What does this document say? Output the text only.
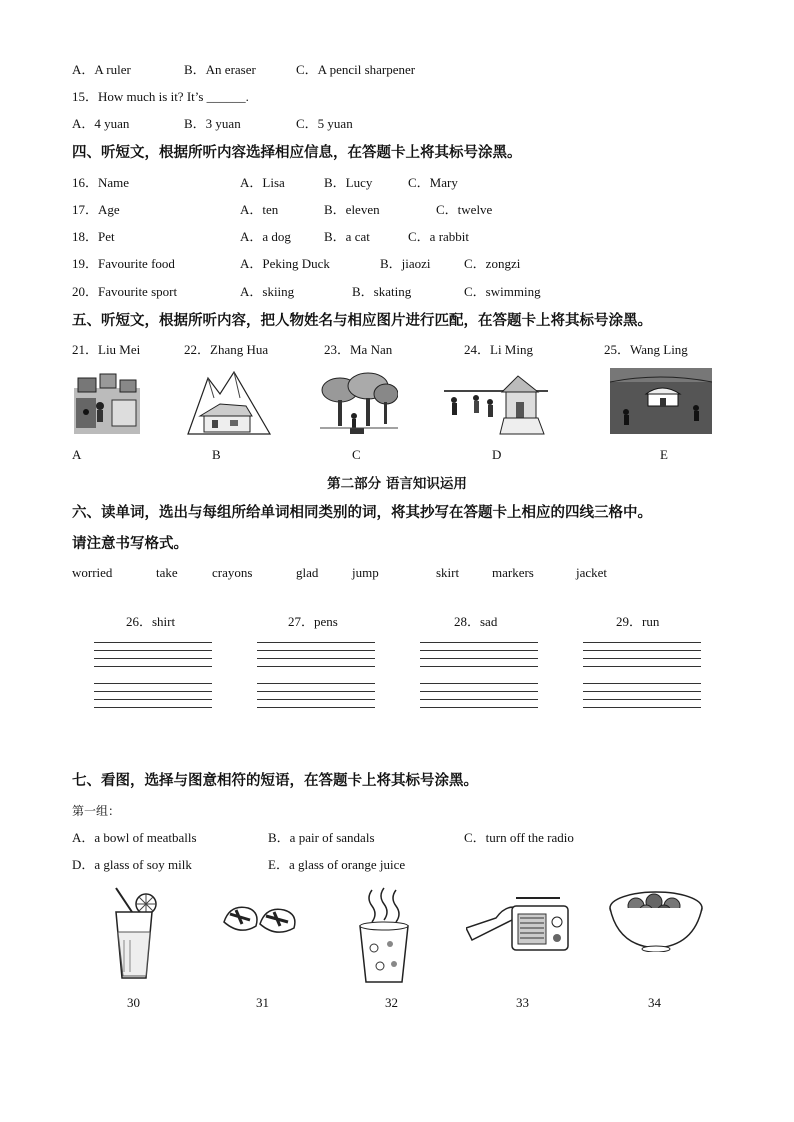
A．A ruler	B．An eraser	C．A pencil sharpener
15．How much is it? It’s ______.
A．4 yuan	B．3 yuan	C．5 yuan
四、听短文，根据所听内容选择相应信息，在答题卡上将其标号涂黑。
16．Name	A．Lisa	B．Lucy	C．Mary
17．Age	A．ten	B．eleven	C．twelve
18．Pet	A．a dog	B．a cat	C．a rabbit
19．Favourite food	A．Peking Duck	B．jiaozi	C．zongzi
20．Favourite sport	A．skiing	B．skating	C．swimming
五、听短文，根据所听内容，把人物姓名与相应图片进行匹配，在答题卡上将其标号涂黑。
21．Liu Mei	22．Zhang Hua	23．Ma Nan	24．Li Ming	25．Wang Ling
A	B	C	D	E
第二部分 语言知识运用
六、读单词，选出与每组所给单词相同类别的词，将其抄写在答题卡上相应的四线三格中。
请注意书写格式。
worried	take	crayons	glad	jump	skirt	markers	jacket
26．shirt	27．pens	28．sad	29．run
七、看图，选择与图意相符的短语，在答题卡上将其标号涂黑。
第一组：
A．a bowl of meatballs	B．a pair of sandals	C．turn off the radio
D．a glass of soy milk	E．a glass of orange juice
30	31	32	33	34
